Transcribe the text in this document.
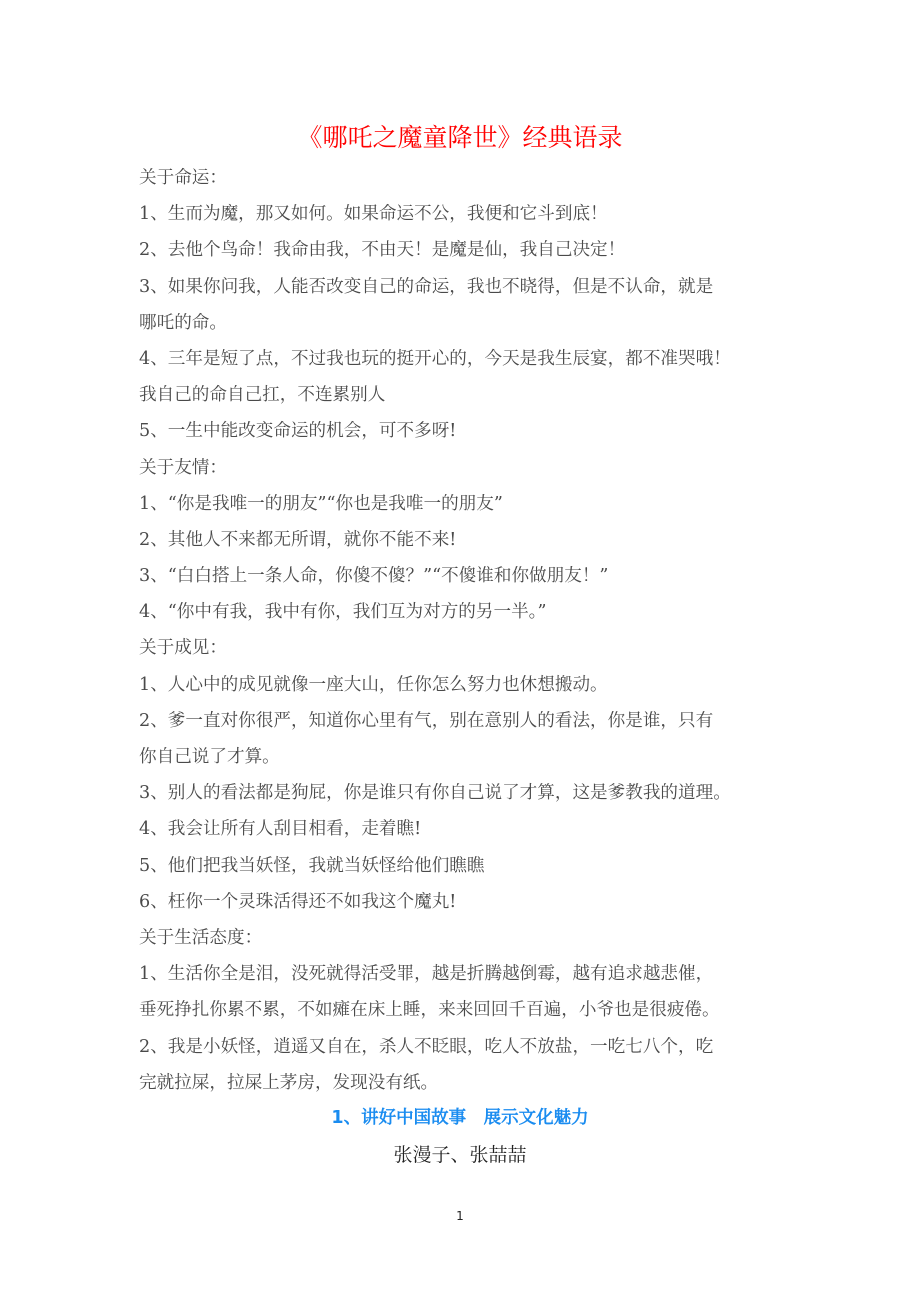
《哪吒之魔童降世》经典语录
关于命运：
1、生而为魔，那又如何。如果命运不公，我便和它斗到底！
2、去他个鸟命！我命由我，不由天！是魔是仙，我自己决定！
3、如果你问我，人能否改变自己的命运，我也不晓得，但是不认命，就是
哪吒的命。
4、三年是短了点，不过我也玩的挺开心的，今天是我生辰宴，都不准哭哦！
我自己的命自己扛，不连累别人
5、一生中能改变命运的机会，可不多呀!
关于友情：
1、“你是我唯一的朋友”“你也是我唯一的朋友”
2、其他人不来都无所谓，就你不能不来!
3、“白白搭上一条人命，你傻不傻？”“不傻谁和你做朋友！”
4、“你中有我，我中有你，我们互为对方的另一半。”
关于成见：
1、人心中的成见就像一座大山，任你怎么努力也休想搬动。
2、爹一直对你很严，知道你心里有气，别在意别人的看法，你是谁，只有
你自己说了才算。
3、别人的看法都是狗屁，你是谁只有你自己说了才算，这是爹教我的道理。
4、我会让所有人刮目相看，走着瞧!
5、他们把我当妖怪，我就当妖怪给他们瞧瞧
6、枉你一个灵珠活得还不如我这个魔丸!
关于生活态度：
1、生活你全是泪，没死就得活受罪，越是折腾越倒霉，越有追求越悲催，
垂死挣扎你累不累，不如瘫在床上睡，来来回回千百遍，小爷也是很疲倦。
2、我是小妖怪，逍遥又自在，杀人不眨眼，吃人不放盐，一吃七八个，吃
完就拉屎，拉屎上茅房，发现没有纸。
1、讲好中国故事　展示文化魅力
张漫子、张喆喆
1
